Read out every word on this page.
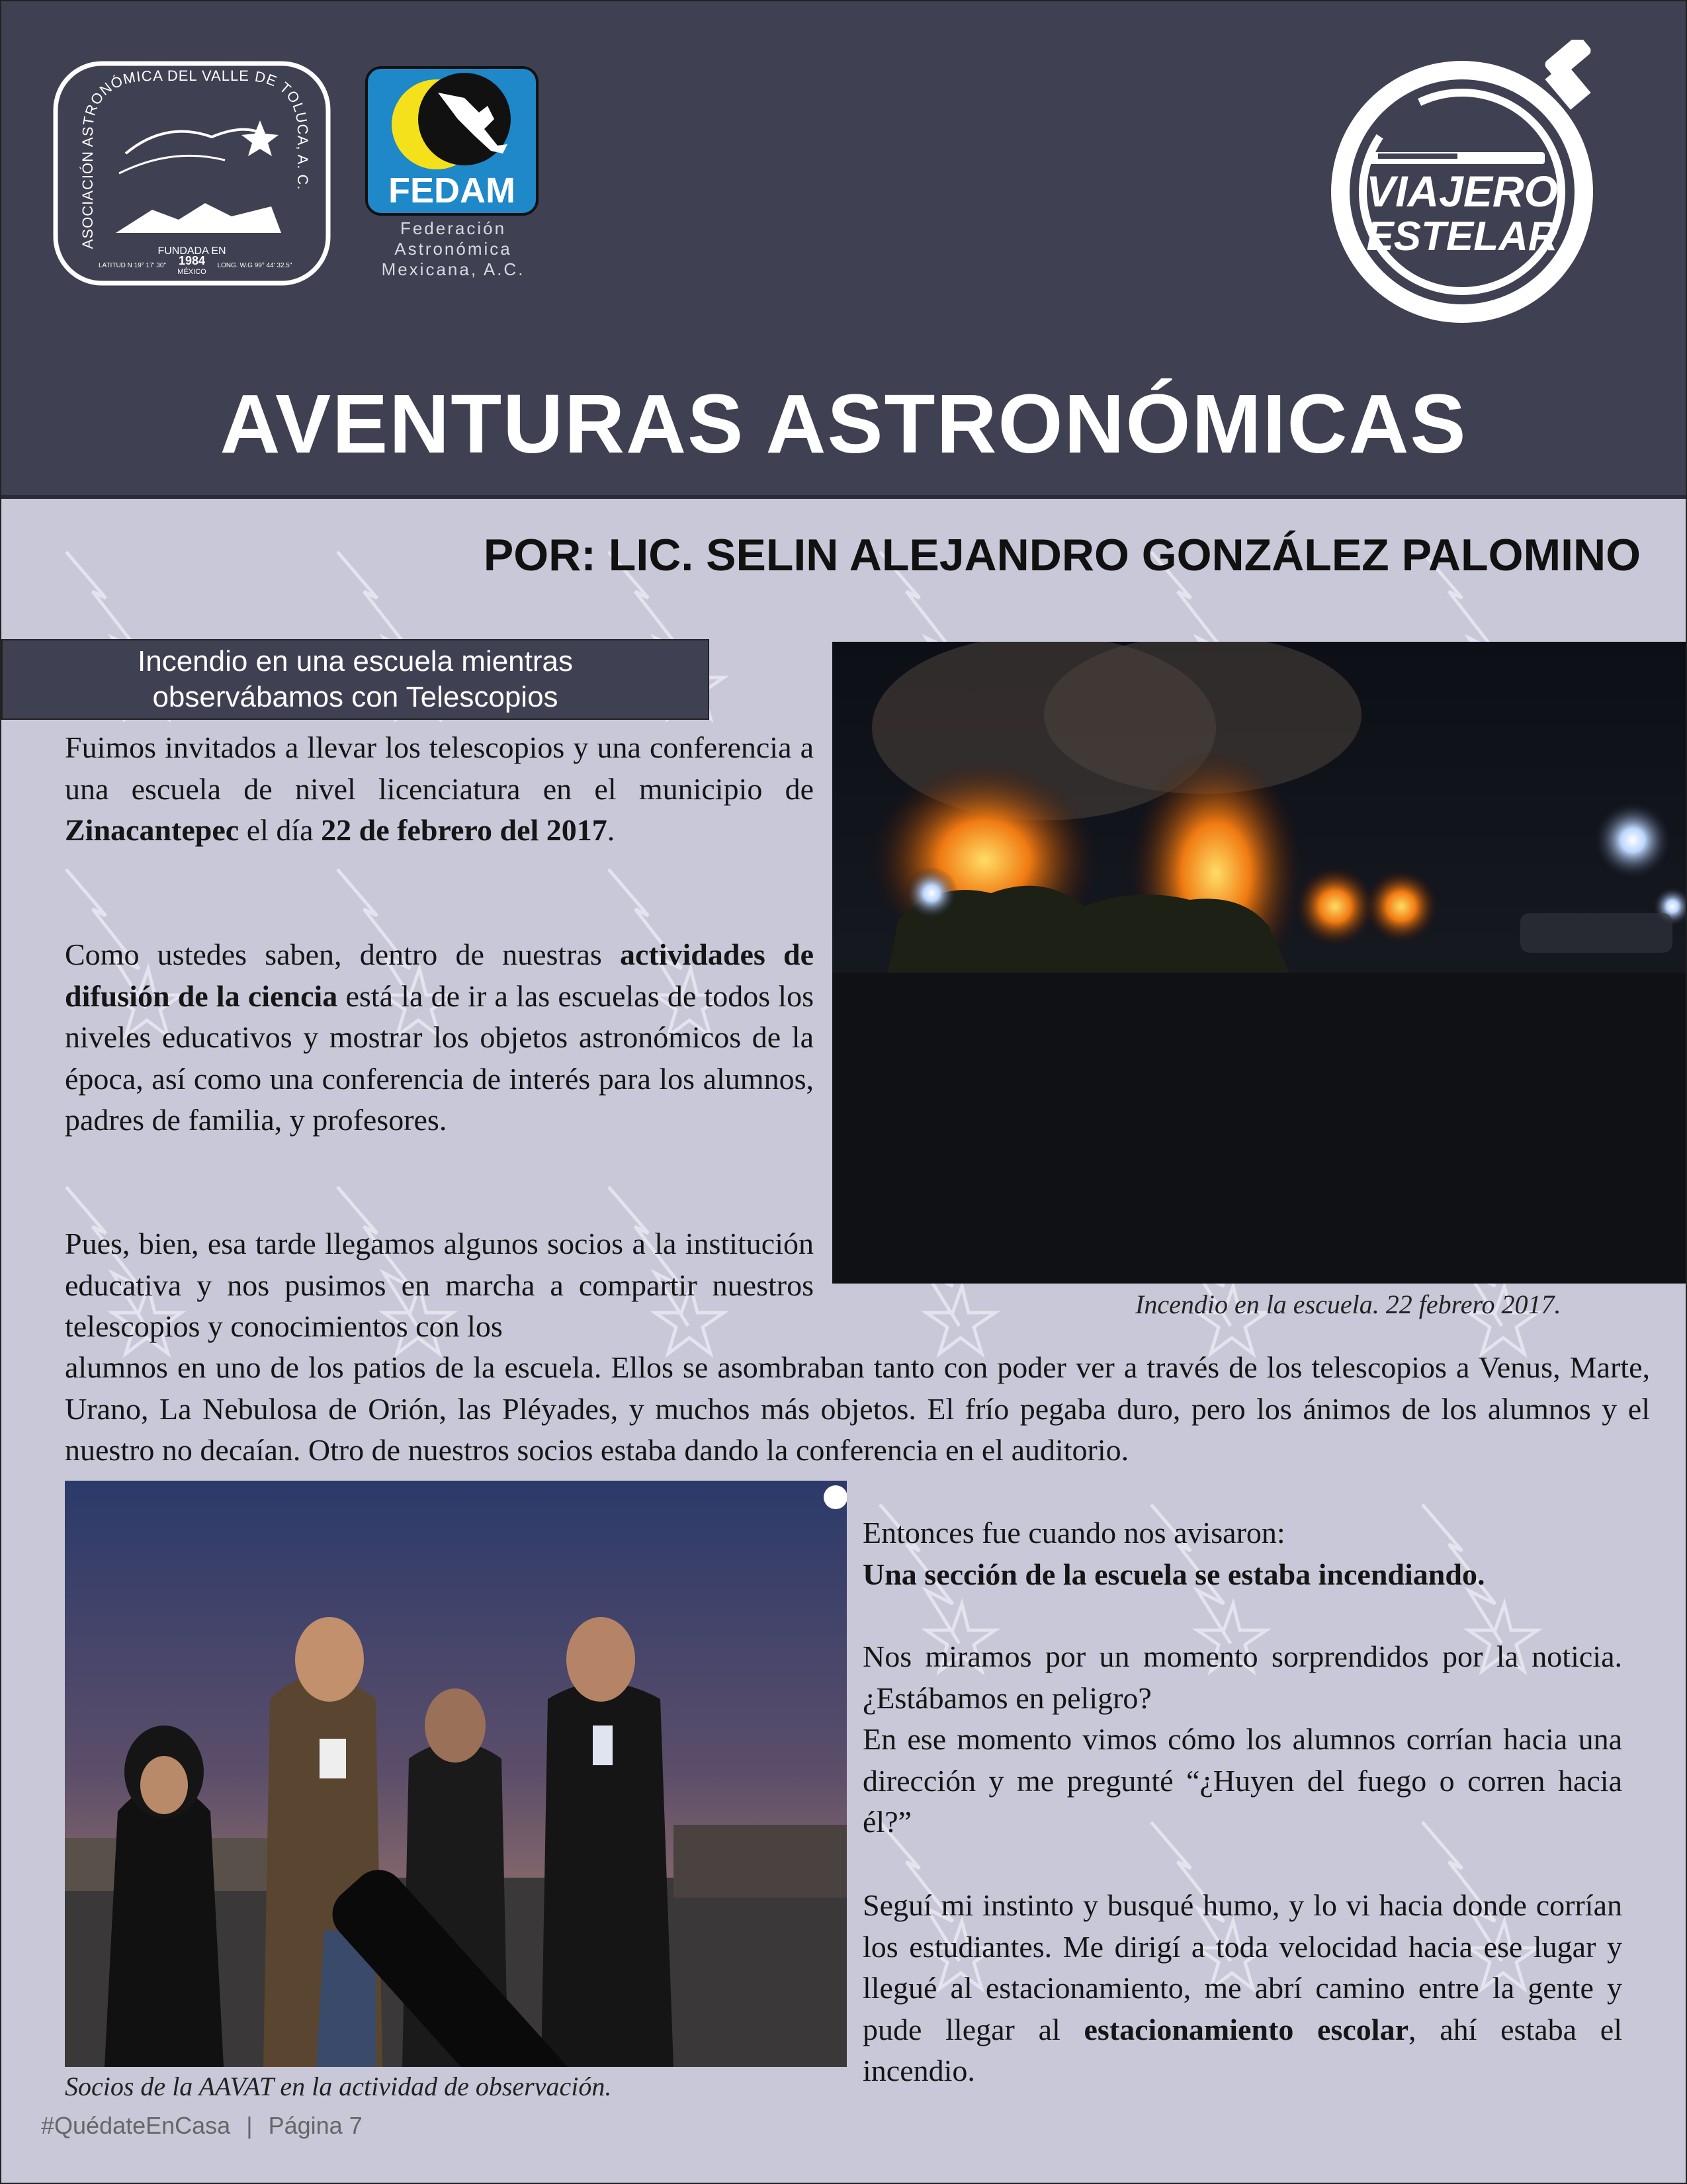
ASOCIACIÓN ASTRONÓMICA DEL VALLE DE TOLUCA, A. C.
FUNDADA EN
1984
MÉXICO
LATITUD N 19° 17' 30"	LONG. W.G 99° 44' 32.5"
FEDAM
Federación
Astronómica
Mexicana, A.C.
VIAJERO
ESTELAR
AVENTURAS ASTRONÓMICAS
POR: LIC. SELIN ALEJANDRO GONZÁLEZ PALOMINO
Incendio en una escuela mientras
observábamos con Telescopios
Fuimos invitados a llevar los telescopios y una conferencia a una escuela de nivel licenciatura en el municipio de Zinacantepec el día 22 de febrero del 2017.
Como ustedes saben, dentro de nuestras actividades de difusión de la ciencia está la de ir a las escuelas de todos los niveles educativos y mostrar los objetos astronómicos de la época, así como una conferencia de interés para los alumnos, padres de familia, y profesores.
Pues, bien, esa tarde llegamos algunos socios a la institución educativa y nos pusimos en marcha a compartir nuestros telescopios y conocimientos con los
Incendio en la escuela. 22 febrero 2017.
alumnos en uno de los patios de la escuela. Ellos se asombraban tanto con poder ver a través de los telescopios a Venus, Marte, Urano, La Nebulosa de Orión, las Pléyades, y muchos más objetos. El frío pegaba duro, pero los ánimos de los alumnos y el nuestro no decaían. Otro de nuestros socios estaba dando la conferencia en el auditorio.
Socios de la AAVAT en la actividad de observación.
Entonces fue cuando nos avisaron:
Una sección de la escuela se estaba incendiando.
Nos miramos por un momento sorprendidos por la noticia. ¿Estábamos en peligro?
En ese momento vimos cómo los alumnos corrían hacia una dirección y me pregunté “¿Huyen del fuego o corren hacia él?”
Seguí mi instinto y busqué humo, y lo vi hacia donde corrían los estudiantes. Me dirigí a toda velocidad hacia ese lugar y llegué al estacionamiento, me abrí camino entre la gente y pude llegar al estacionamiento escolar, ahí estaba el incendio.
#QuédateEnCasa | Página 7
